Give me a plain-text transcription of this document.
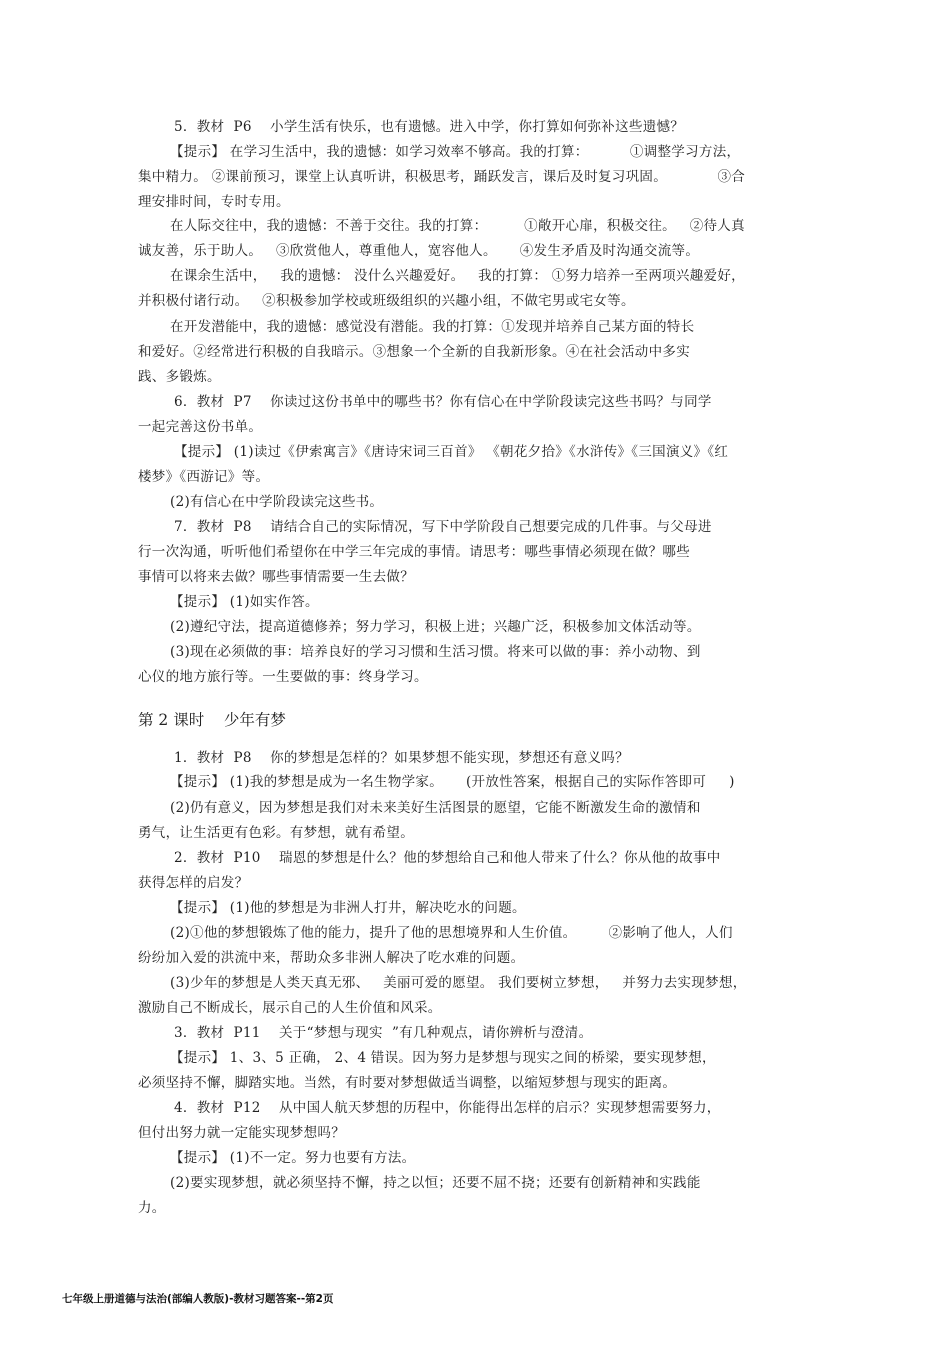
5．教材  P6    小学生活有快乐，也有遗憾。进入中学，你打算如何弥补这些遗憾？
【提示】 在学习生活中，我的遗憾：如学习效率不够高。我的打算：         ①调整学习方法，
集中精力。 ②课前预习，课堂上认真听讲，积极思考，踊跃发言，课后及时复习巩固。           ③合
理安排时间，专时专用。
在人际交往中，我的遗憾：不善于交往。我的打算：        ①敞开心扉，积极交往。   ②待人真
诚友善，乐于助人。   ③欣赏他人，尊重他人，宽容他人。     ④发生矛盾及时沟通交流等。
在课余生活中，   我的遗憾： 没什么兴趣爱好。   我的打算： ①努力培养一至两项兴趣爱好，
并积极付诸行动。   ②积极参加学校或班级组织的兴趣小组，不做宅男或宅女等。
在开发潜能中，我的遗憾：感觉没有潜能。我的打算：①发现并培养自己某方面的特长
和爱好。②经常进行积极的自我暗示。③想象一个全新的自我新形象。④在社会活动中多实
践、多锻炼。
6．教材  P7    你读过这份书单中的哪些书？你有信心在中学阶段读完这些书吗？与同学
一起完善这份书单。
【提示】 (1)读过《伊索寓言》《唐诗宋词三百首》 《朝花夕拾》《水浒传》《三国演义》《红
楼梦》《西游记》等。
(2)有信心在中学阶段读完这些书。
7．教材  P8    请结合自己的实际情况，写下中学阶段自己想要完成的几件事。与父母进
行一次沟通，听听他们希望你在中学三年完成的事情。请思考：哪些事情必须现在做？哪些
事情可以将来去做？哪些事情需要一生去做？
【提示】 (1)如实作答。
(2)遵纪守法，提高道德修养；努力学习，积极上进；兴趣广泛，积极参加文体活动等。
(3)现在必须做的事：培养良好的学习习惯和生活习惯。将来可以做的事：养小动物、到
心仪的地方旅行等。一生要做的事：终身学习。
1．教材  P8    你的梦想是怎样的？如果梦想不能实现，梦想还有意义吗？
【提示】 (1)我的梦想是成为一名生物学家。     (开放性答案，根据自己的实际作答即可     )
(2)仍有意义，因为梦想是我们对未来美好生活图景的愿望，它能不断激发生命的激情和
勇气，让生活更有色彩。有梦想，就有希望。
2．教材  P10    瑞恩的梦想是什么？他的梦想给自己和他人带来了什么？你从他的故事中
获得怎样的启发？
【提示】 (1)他的梦想是为非洲人打井，解决吃水的问题。
(2)①他的梦想锻炼了他的能力，提升了他的思想境界和人生价值。       ②影响了他人，人们
纷纷加入爱的洪流中来，帮助众多非洲人解决了吃水难的问题。
(3)少年的梦想是人类天真无邪、   美丽可爱的愿望。 我们要树立梦想，   并努力去实现梦想，
激励自己不断成长，展示自己的人生价值和风采。
3．教材  P11    关于“梦想与现实  ”有几种观点，请你辨析与澄清。
【提示】 1、3、5 正确， 2、4 错误。因为努力是梦想与现实之间的桥梁，要实现梦想，
必须坚持不懈，脚踏实地。当然，有时要对梦想做适当调整，以缩短梦想与现实的距离。
4．教材  P12    从中国人航天梦想的历程中，你能得出怎样的启示？实现梦想需要努力，
但付出努力就一定能实现梦想吗？
【提示】 (1)不一定。努力也要有方法。
(2)要实现梦想，就必须坚持不懈，持之以恒；还要不屈不挠；还要有创新精神和实践能
力。
第 2 课时    少年有梦
七年级上册道德与法治(部编人教版)-教材习题答案--第2页
